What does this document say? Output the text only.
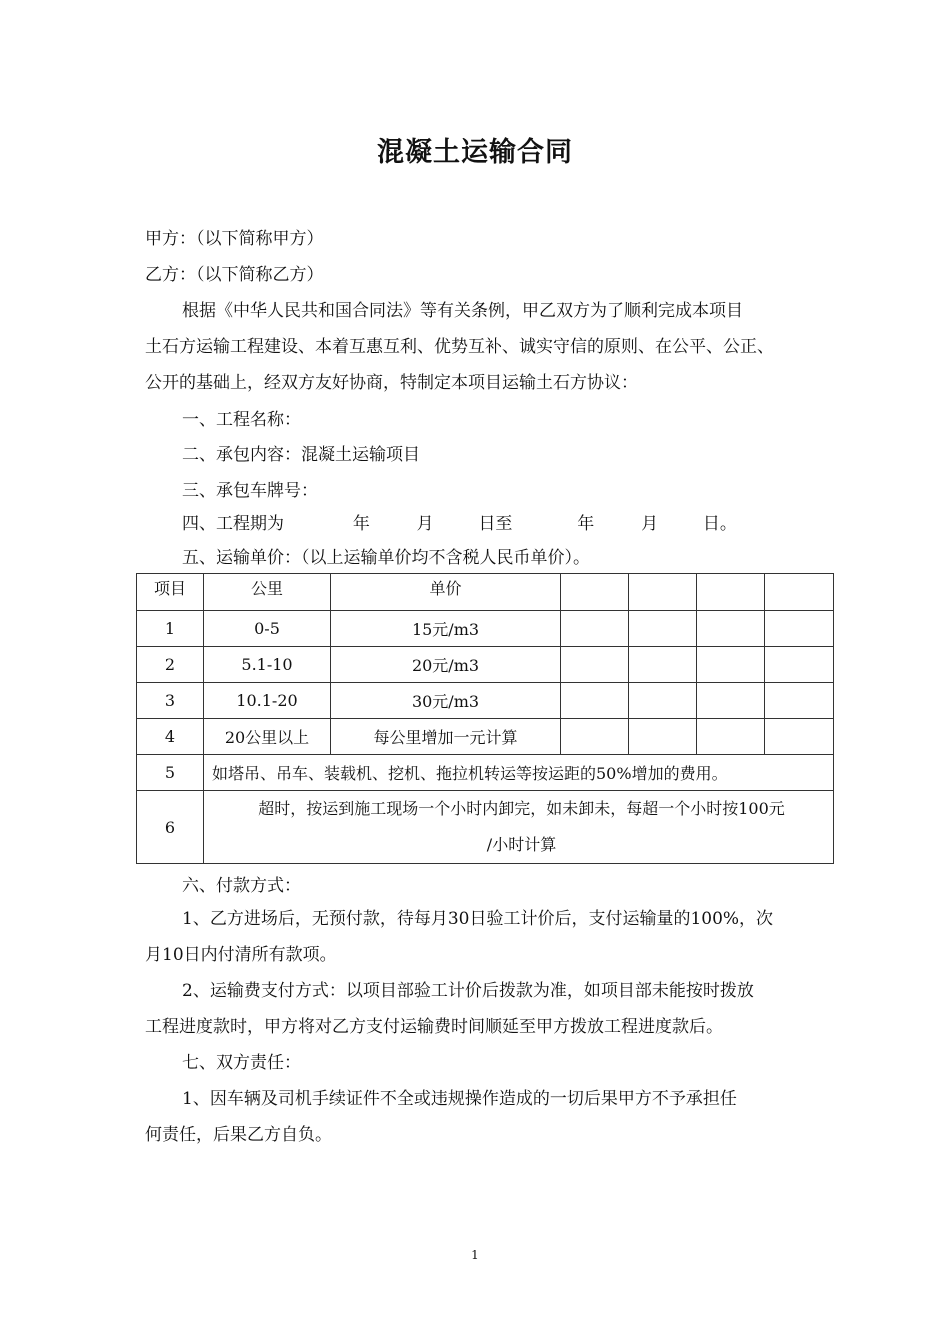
混凝土运输合同
甲方：（以下简称甲方）
乙方：（以下简称乙方）
根据《中华人民共和国合同法》等有关条例，甲乙双方为了顺利完成本项目
土石方运输工程建设、本着互惠互利、优势互补、诚实守信的原则、在公平、公正、
公开的基础上，经双方友好协商，特制定本项目运输土石方协议：
一、工程名称：
二、承包内容：混凝土运输项目
三、承包车牌号：
四、工程期为	年	月	日至	年	月	日。
五、运输单价：（以上运输单价均不含税人民币单价）。
项目	公里	单价				
1	0-5	15元/m3				
2	5.1-10	20元/m3				
3	10.1-20	30元/m3				
4	20公里以上	每公里增加一元计算				
5	如塔吊、吊车、装载机、挖机、拖拉机转运等按运距的50%增加的费用。					
6	超时，按运到施工现场一个小时内卸完，如未卸未，每超一个小时按100元
/小时计算					
六、付款方式：
1、乙方进场后，无预付款，待每月30日验工计价后，支付运输量的100%，次
月10日内付清所有款项。
2、运输费支付方式：以项目部验工计价后拨款为准，如项目部未能按时拨放
工程进度款时，甲方将对乙方支付运输费时间顺延至甲方拨放工程进度款后。
七、双方责任：
1、因车辆及司机手续证件不全或违规操作造成的一切后果甲方不予承担任
何责任，后果乙方自负。
1
